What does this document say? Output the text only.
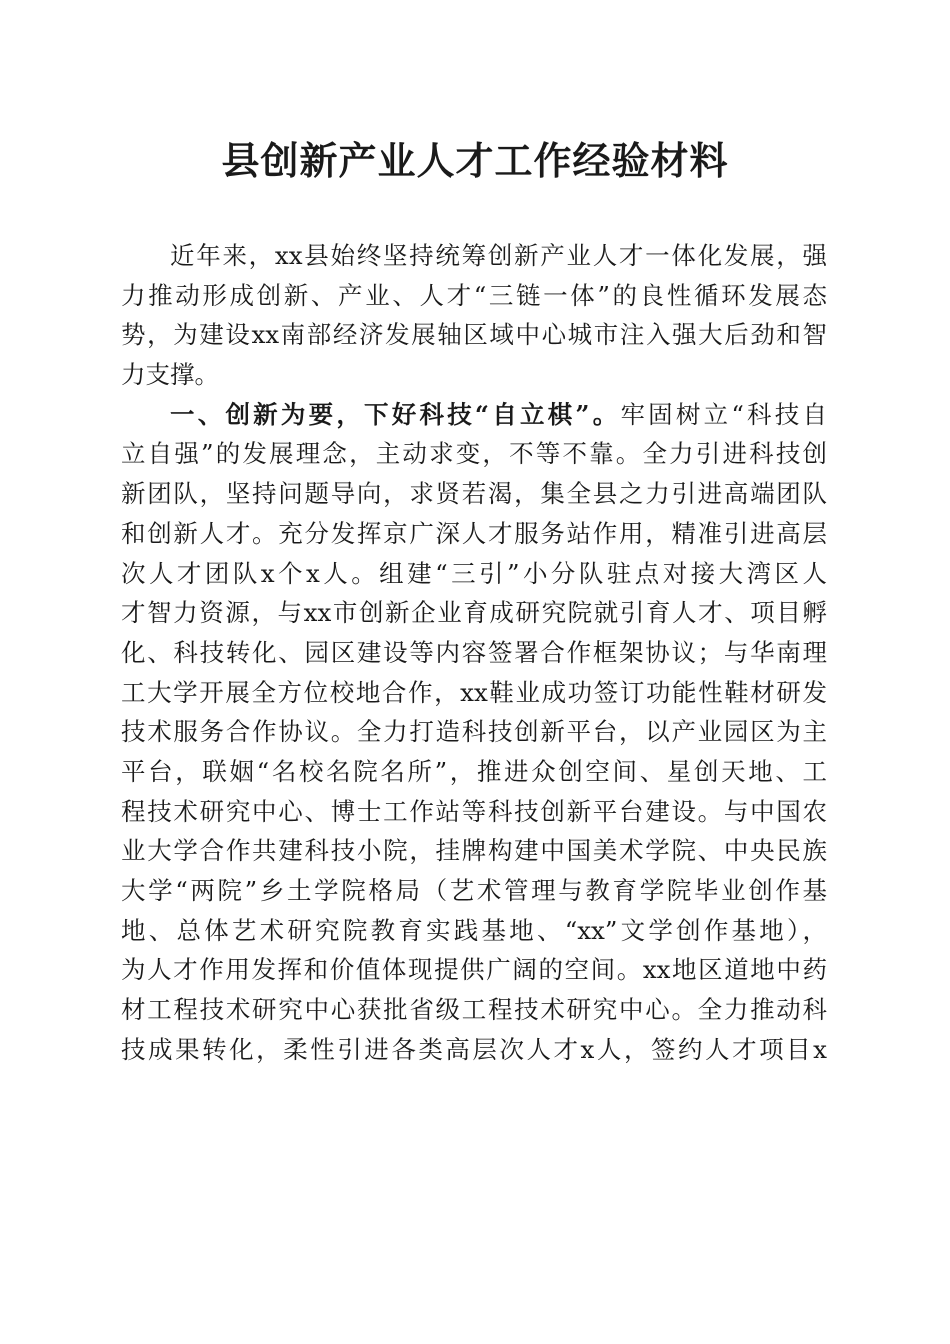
县创新产业人才工作经验材料
近年来，xx县始终坚持统筹创新产业人才一体化发展，强
力推动形成创新、产业、人才“三链一体”的良性循环发展态
势，为建设xx南部经济发展轴区域中心城市注入强大后劲和智
力支撑。
一、创新为要，下好科技“自立棋”。牢固树立“科技自
立自强”的发展理念，主动求变，不等不靠。全力引进科技创
新团队，坚持问题导向，求贤若渴，集全县之力引进高端团队
和创新人才。充分发挥京广深人才服务站作用，精准引进高层
次人才团队x个x人。组建“三引”小分队驻点对接大湾区人
才智力资源，与xx市创新企业育成研究院就引育人才、项目孵
化、科技转化、园区建设等内容签署合作框架协议；与华南理
工大学开展全方位校地合作，xx鞋业成功签订功能性鞋材研发
技术服务合作协议。全力打造科技创新平台，以产业园区为主
平台，联姻“名校名院名所”，推进众创空间、星创天地、工
程技术研究中心、博士工作站等科技创新平台建设。与中国农
业大学合作共建科技小院，挂牌构建中国美术学院、中央民族
大学“两院”乡土学院格局（艺术管理与教育学院毕业创作基
地、总体艺术研究院教育实践基地、“xx”文学创作基地），
为人才作用发挥和价值体现提供广阔的空间。xx地区道地中药
材工程技术研究中心获批省级工程技术研究中心。全力推动科
技成果转化，柔性引进各类高层次人才x人，签约人才项目x
